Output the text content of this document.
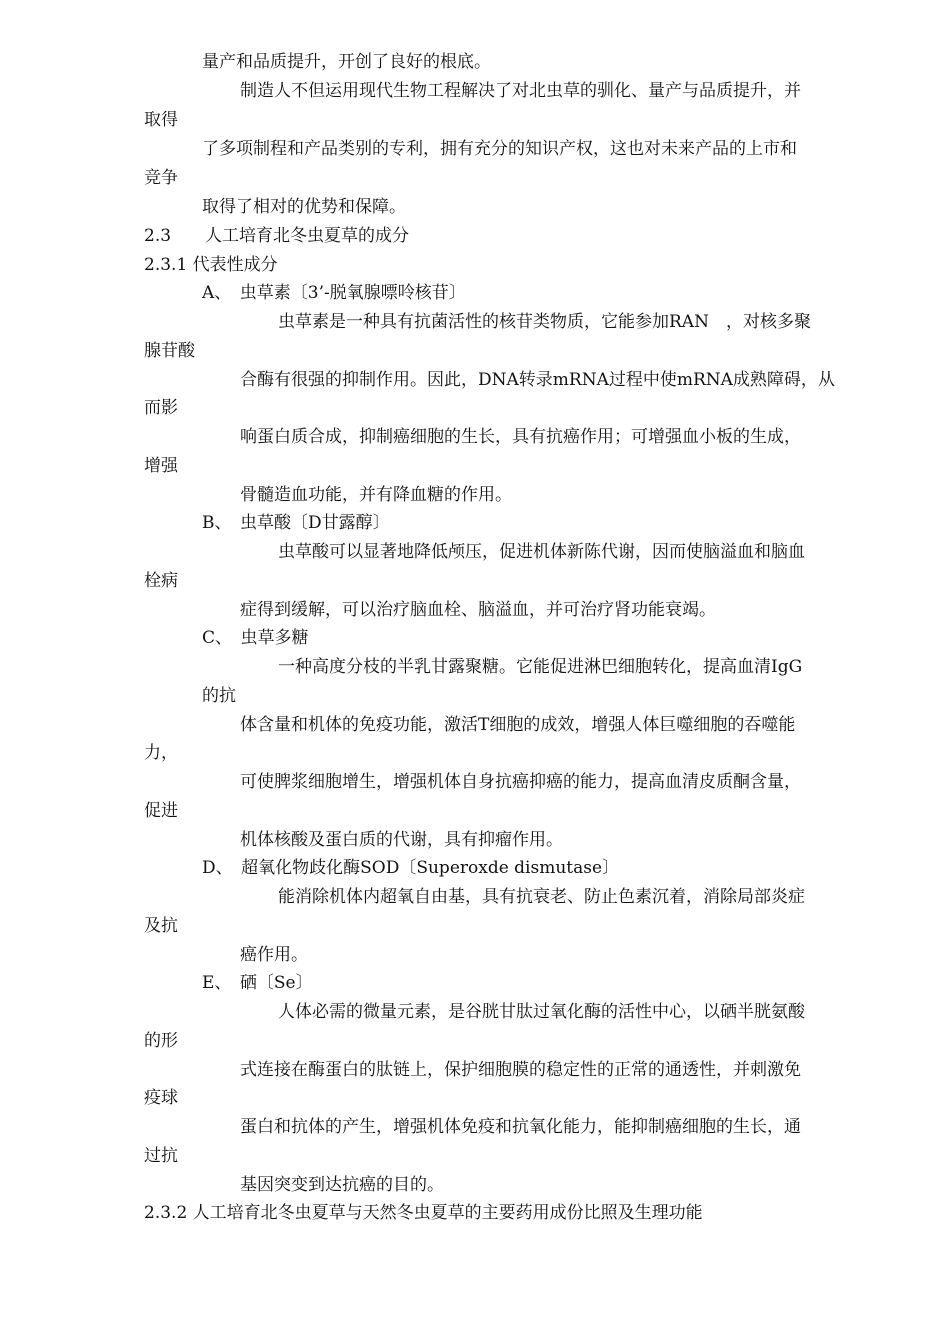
量产和品质提升，开创了良好的根底。
制造人不但运用现代生物工程解决了对北虫草的驯化、量产与品质提升，并
取得
了多项制程和产品类别的专利，拥有充分的知识产权，这也对未来产品的上市和
竞争
取得了相对的优势和保障。
2.3　　人工培育北冬虫夏草的成分
2.3.1 代表性成分
A、　虫草素〔3’-脱氧腺嘌呤核苷〕
虫草素是一种具有抗菌活性的核苷类物质，它能参加RAN　，对核多聚
腺苷酸
合酶有很强的抑制作用。因此，DNA转录mRNA过程中使mRNA成熟障碍，从
而影
响蛋白质合成，抑制癌细胞的生长，具有抗癌作用；可增强血小板的生成，
增强
骨髓造血功能，并有降血糖的作用。
B、　虫草酸〔D甘露醇〕
虫草酸可以显著地降低颅压，促进机体新陈代谢，因而使脑溢血和脑血
栓病
症得到缓解，可以治疗脑血栓、脑溢血，并可治疗肾功能衰竭。
C、　虫草多糖
一种高度分枝的半乳甘露聚糖。它能促进淋巴细胞转化，提高血清IgG
的抗
体含量和机体的免疫功能，激活T细胞的成效，增强人体巨噬细胞的吞噬能
力，
可使脾浆细胞增生，增强机体自身抗癌抑癌的能力，提高血清皮质酮含量，
促进
机体核酸及蛋白质的代谢，具有抑瘤作用。
D、　超氧化物歧化酶SOD〔Superoxde dismutase〕
能消除机体内超氧自由基，具有抗衰老、防止色素沉着，消除局部炎症
及抗
癌作用。
E、　硒〔Se〕
人体必需的微量元素，是谷胱甘肽过氧化酶的活性中心，以硒半胱氨酸
的形
式连接在酶蛋白的肽链上，保护细胞膜的稳定性的正常的通透性，并刺激免
疫球
蛋白和抗体的产生，增强机体免疫和抗氧化能力，能抑制癌细胞的生长，通
过抗
基因突变到达抗癌的目的。
2.3.2 人工培育北冬虫夏草与天然冬虫夏草的主要药用成份比照及生理功能
